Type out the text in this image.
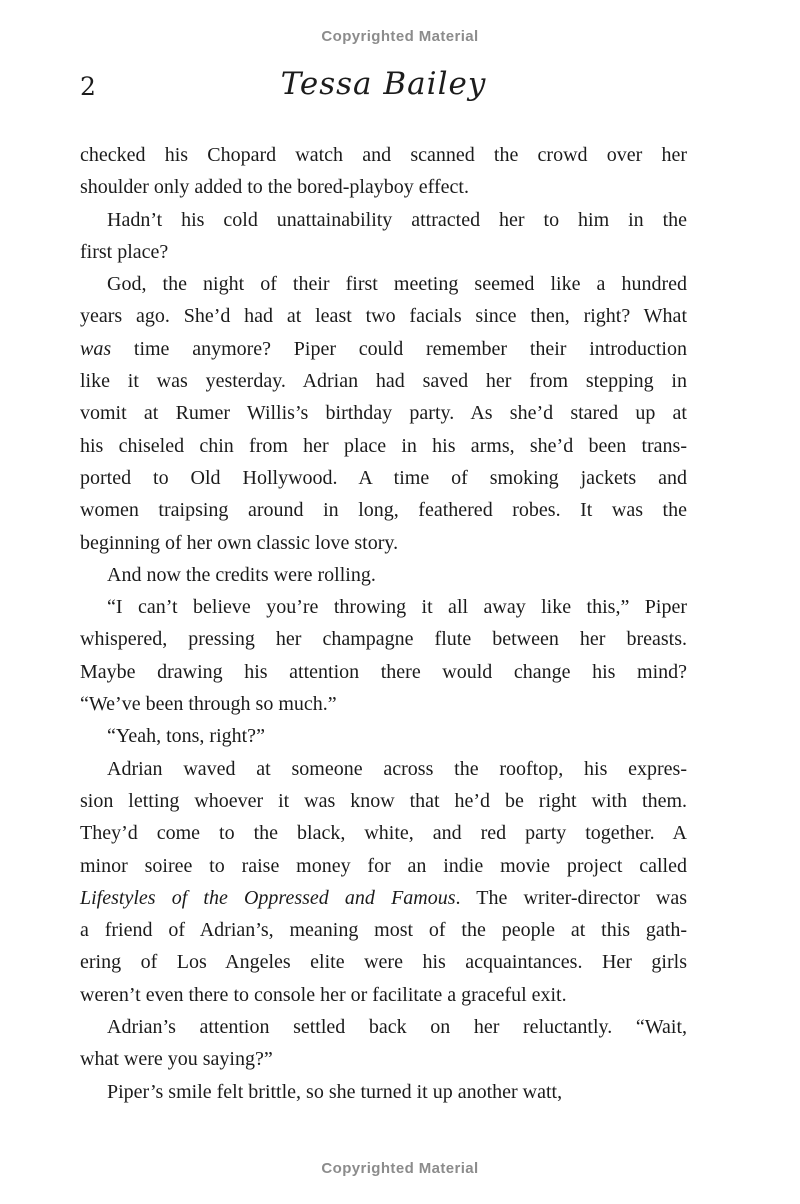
Copyrighted Material
2	Tessa Bailey
checked his Chopard watch and scanned the crowd over her
shoulder only added to the bored-playboy effect.
Hadn’t his cold unattainability attracted her to him in the
first place?
God, the night of their first meeting seemed like a hundred
years ago. She’d had at least two facials since then, right? What
was time anymore? Piper could remember their introduction
like it was yesterday. Adrian had saved her from stepping in
vomit at Rumer Willis’s birthday party. As she’d stared up at
his chiseled chin from her place in his arms, she’d been trans-
ported to Old Hollywood. A time of smoking jackets and
women traipsing around in long, feathered robes. It was the
beginning of her own classic love story.
And now the credits were rolling.
“I can’t believe you’re throwing it all away like this,” Piper
whispered, pressing her champagne flute between her breasts.
Maybe drawing his attention there would change his mind?
“We’ve been through so much.”
“Yeah, tons, right?”
Adrian waved at someone across the rooftop, his expres-
sion letting whoever it was know that he’d be right with them.
They’d come to the black, white, and red party together. A
minor soiree to raise money for an indie movie project called
Lifestyles of the Oppressed and Famous. The writer-director was
a friend of Adrian’s, meaning most of the people at this gath-
ering of Los Angeles elite were his acquaintances. Her girls
weren’t even there to console her or facilitate a graceful exit.
Adrian’s attention settled back on her reluctantly. “Wait,
what were you saying?”
Piper’s smile felt brittle, so she turned it up another watt,
Copyrighted Material
